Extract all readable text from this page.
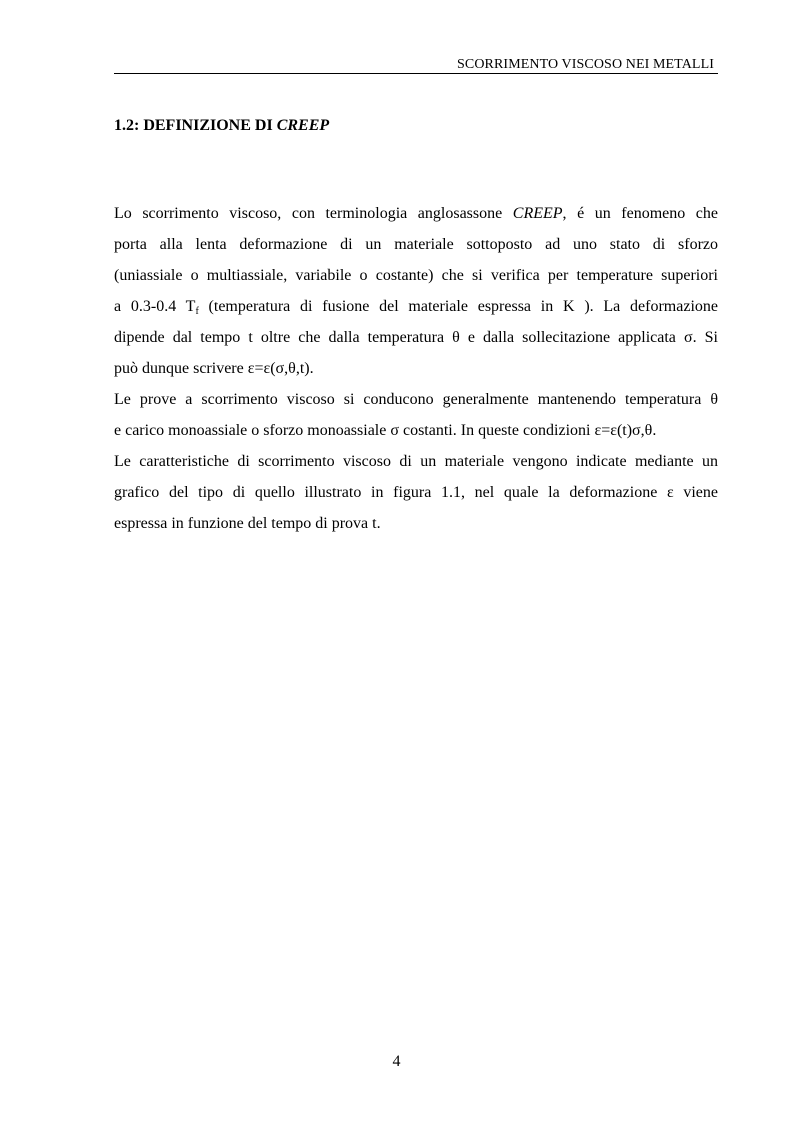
SCORRIMENTO VISCOSO NEI METALLI
1.2: DEFINIZIONE DI CREEP

Lo scorrimento viscoso, con terminologia anglosassone CREEP, é un fenomeno che

porta alla lenta deformazione di un materiale sottoposto ad uno stato di sforzo

(uniassiale o multiassiale, variabile o costante) che si verifica per temperature superiori

a 0.3-0.4 $T_f$ (temperatura di fusione del materiale espressa in K ). La deformazione

dipende dal tempo t oltre che dalla temperatura θ e dalla sollecitazione applicata σ. Si

può dunque scrivere ε=ε(σ,θ,t).

Le prove a scorrimento viscoso si conducono generalmente mantenendo temperatura θ

e carico monoassiale o sforzo monoassiale σ costanti. In queste condizioni ε=ε(t)σ,θ.

Le caratteristiche di scorrimento viscoso di un materiale vengono indicate mediante un

grafico del tipo di quello illustrato in figura 1.1, nel quale la deformazione ε viene

espressa in funzione del tempo di prova t.

4
